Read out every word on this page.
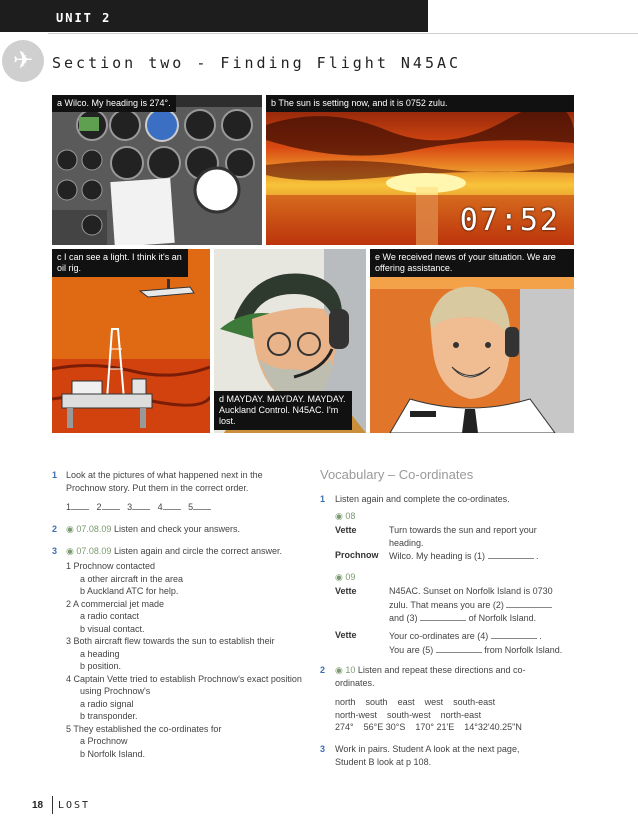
UNIT 2
✈	Section two - Finding Flight N45AC
a Wilco. My heading is 274°.	b The sun is setting now, and it is 0752 zulu.
07:52
c I can see a light. I think it's an oil rig.
d MAYDAY. MAYDAY. MAYDAY. Auckland Control. N45AC. I'm lost.
e We received news of your situation. We are offering assistance.
1 Look at the pictures of what happened next in the Prochnow story. Put them in the correct order.
1	2	3	4	5
2 ◉ 07.08.09 Listen and check your answers.
3 ◉ 07.08.09 Listen again and circle the correct answer.
1 Prochnow contacted
a other aircraft in the area
b Auckland ATC for help.
2 A commercial jet made
a radio contact
b visual contact.
3 Both aircraft flew towards the sun to establish their
a heading
b position.
4 Captain Vette tried to establish Prochnow's exact position using Prochnow's
a radio signal
b transponder.
5 They established the co-ordinates for
a Prochnow
b Norfolk Island.
Vocabulary – Co-ordinates
1 Listen again and complete the co-ordinates.
◉ 08
Vette	Turn towards the sun and report your heading.
Prochnow Wilco. My heading is (1)	.
◉ 09
Vette	N45AC. Sunset on Norfolk Island is 0730
zulu. That means you are (2)
and (3)	of Norfolk Island.
Vette	Your co-ordinates are (4)	.
You are (5)	from Norfolk Island.
2 ◉ 10 Listen and repeat these directions and co-ordinates.
north south east west south-east
north-west south-west north-east
274° 56°E 30°S 170° 21'E 14°32'40.25"N
3 Work in pairs. Student A look at the next page, Student B look at p 108.
18 LOST
